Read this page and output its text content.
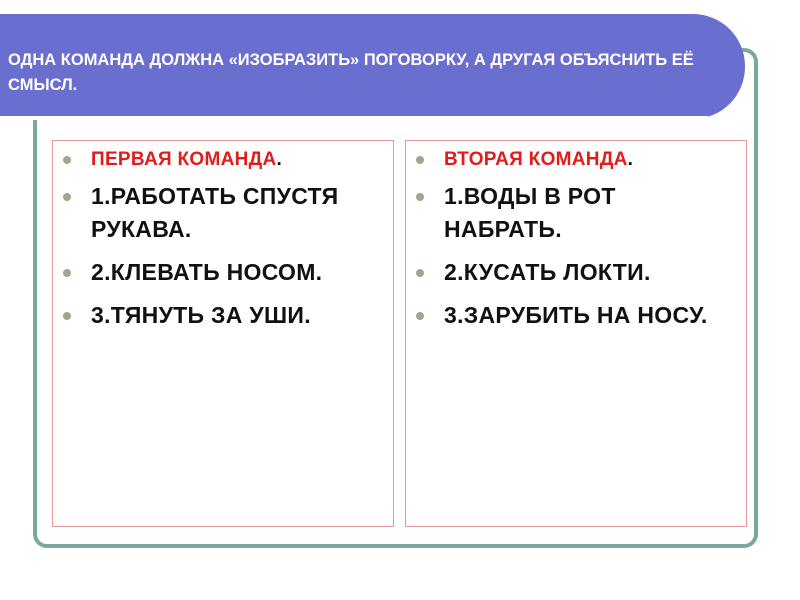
ОДНА КОМАНДА ДОЛЖНА «ИЗОБРАЗИТЬ» ПОГОВОРКУ, А ДРУГАЯ ОБЪЯСНИТЬ ЕЁ СМЫСЛ.
ПЕРВАЯ КОМАНДА.
1.РАБОТАТЬ СПУСТЯ РУКАВА.
2.КЛЕВАТЬ НОСОМ.
3.ТЯНУТЬ ЗА УШИ.
ВТОРАЯ КОМАНДА.
1.ВОДЫ В РОТ НАБРАТЬ.
2.КУСАТЬ ЛОКТИ.
3.ЗАРУБИТЬ НА НОСУ.
